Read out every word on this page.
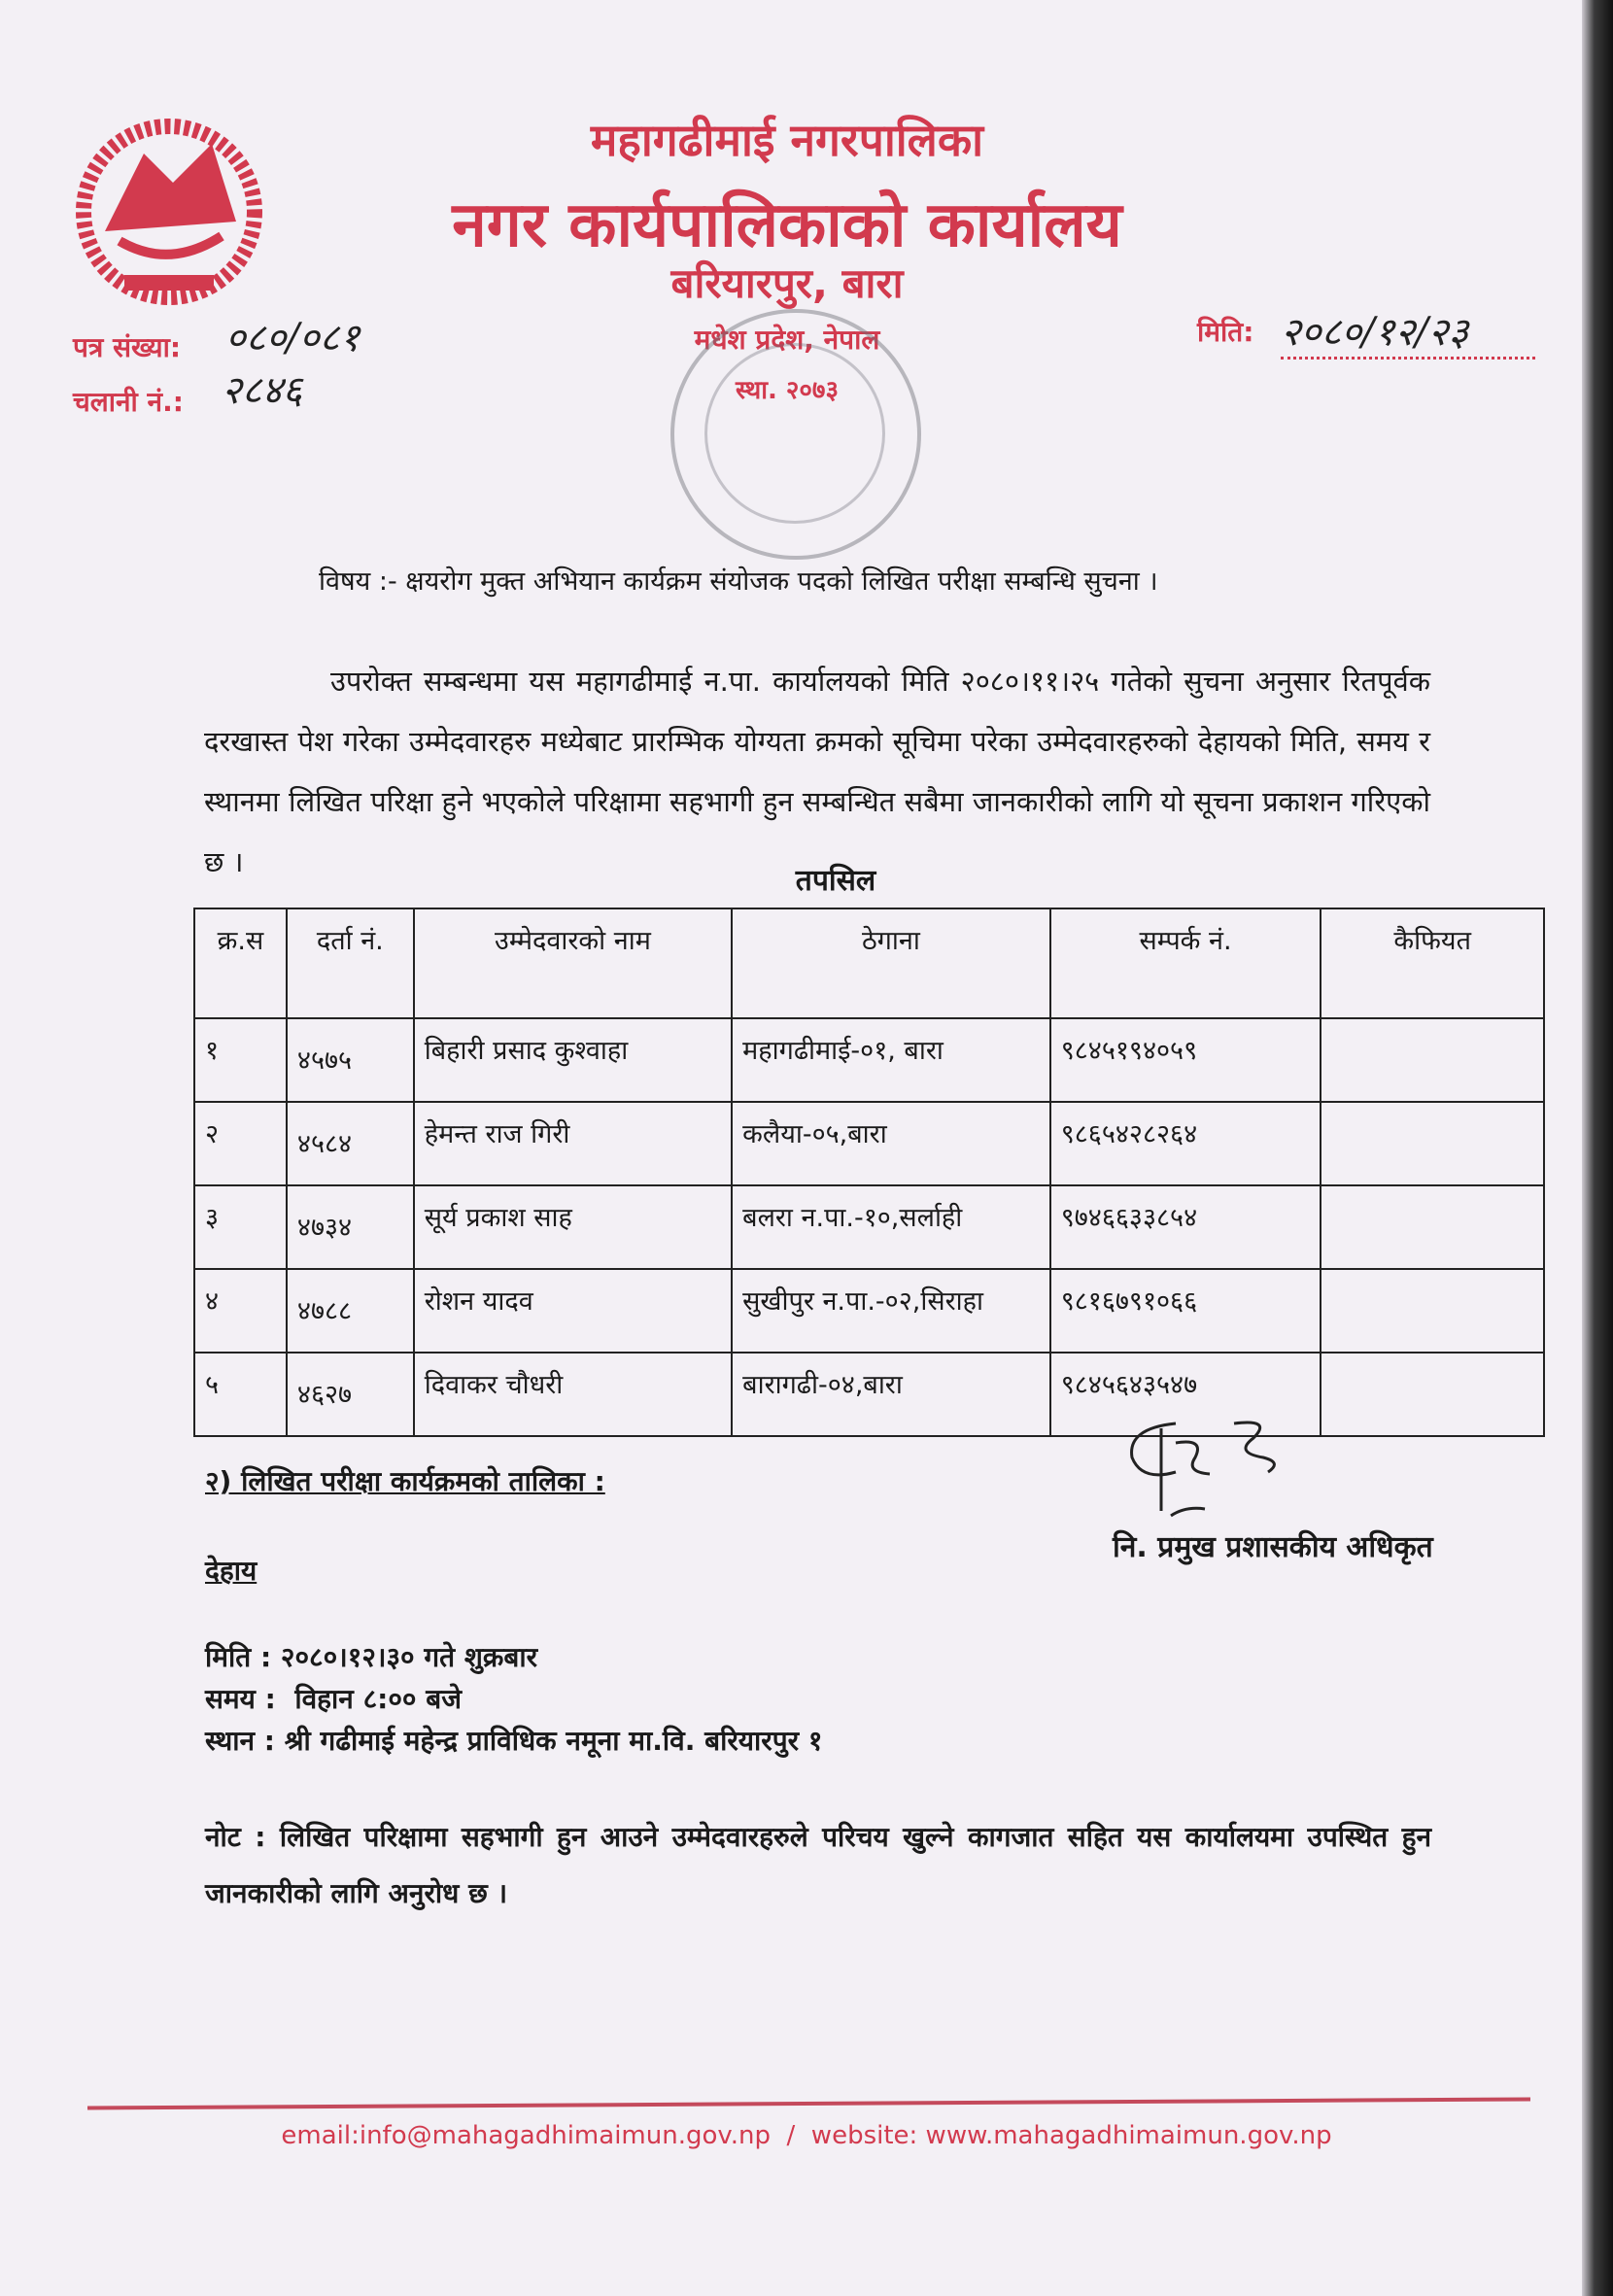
महागढीमाई नगरपालिका
नगर कार्यपालिकाको कार्यालय
बरियारपुर, बारा
मधेश प्रदेश, नेपाल
स्था. २०७३
पत्र संख्या: ०८०/०८१
चलानी नं.: २८४६
मिति: २०८०/१२/२३
विषय :- क्षयरोग मुक्त अभियान कार्यक्रम संयोजक पदको लिखित परीक्षा सम्बन्धि सुचना ।
उपरोक्त सम्बन्धमा यस महागढीमाई न.पा. कार्यालयको मिति २०८०।११।२५ गतेको सुचना अनुसार रितपूर्वक दरखास्त पेश गरेका उम्मेदवारहरु मध्येबाट प्रारम्भिक योग्यता क्रमको सूचिमा परेका उम्मेदवारहरुको देहायको मिति, समय र स्थानमा लिखित परिक्षा हुने भएकोले परिक्षामा सहभागी हुन सम्बन्धित सबैमा जानकारीको लागि यो सूचना प्रकाशन गरिएको छ ।
तपसिल
क्र.स	दर्ता नं.	उम्मेदवारको नाम	ठेगाना	सम्पर्क नं.	कैफियत
१	४५७५	बिहारी प्रसाद कुश्वाहा	महागढीमाई-०१, बारा	९८४५१९४०५९	
२	४५८४	हेमन्त राज गिरी	कलैया-०५,बारा	९८६५४२८२६४	
३	४७३४	सूर्य प्रकाश साह	बलरा न.पा.-१०,सर्लाही	९७४६६३३८५४	
४	४७८८	रोशन यादव	सुखीपुर न.पा.-०२,सिराहा	९८१६७९१०६६	
५	४६२७	दिवाकर चौधरी	बारागढी-०४,बारा	९८४५६४३५४७	
२) लिखित परीक्षा कार्यक्रमको तालिका :
देहाय
मिति : २०८०।१२।३० गते शुक्रबार
समय :  विहान ८:०० बजे
स्थान : श्री गढीमाई महेन्द्र प्राविधिक नमूना मा.वि. बरियारपुर १
नोट : लिखित परिक्षामा सहभागी हुन आउने उम्मेदवारहरुले परिचय खुल्ने कागजात सहित यस कार्यालयमा उपस्थित हुन जानकारीको लागि अनुरोध छ ।
नि. प्रमुख प्रशासकीय अधिकृत
email:info@mahagadhimaimun.gov.np  /  website: www.mahagadhimaimun.gov.np
